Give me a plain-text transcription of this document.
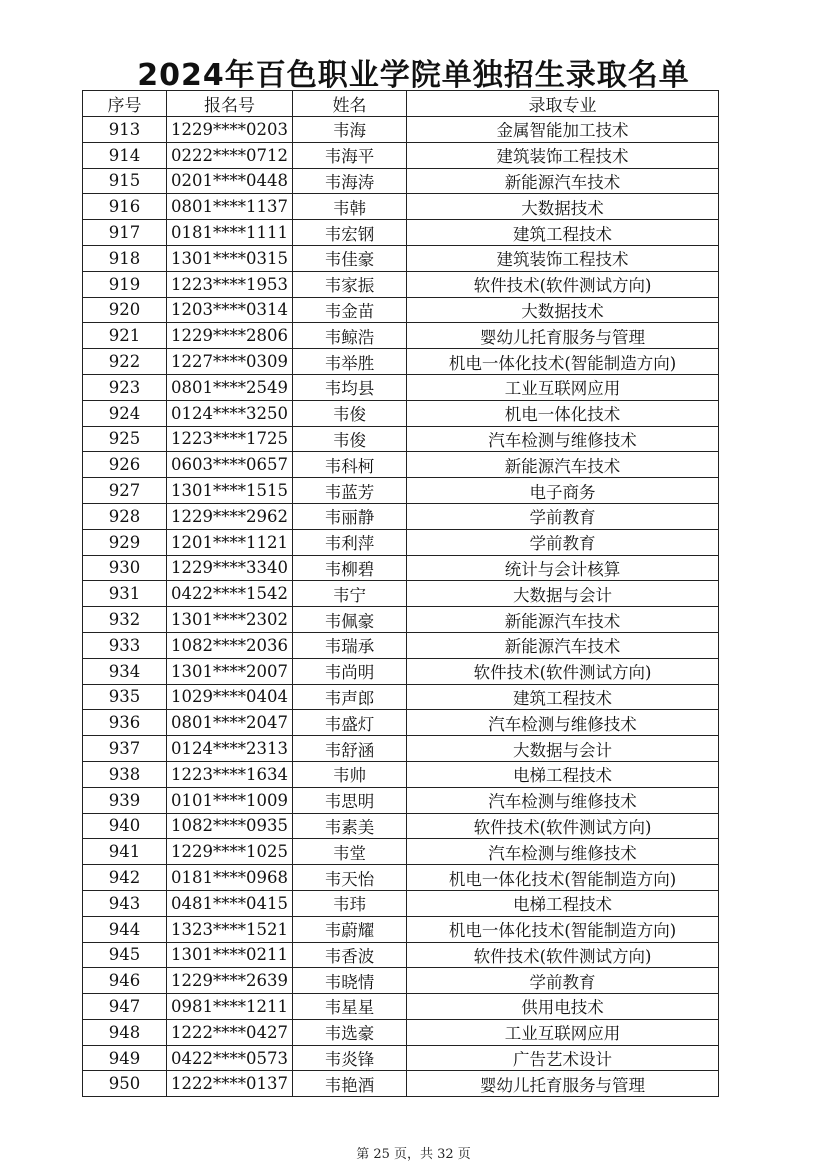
2024年百色职业学院单独招生录取名单
序号	报名号	姓名	录取专业
913	1229****0203	韦海	金属智能加工技术
914	0222****0712	韦海平	建筑装饰工程技术
915	0201****0448	韦海涛	新能源汽车技术
916	0801****1137	韦韩	大数据技术
917	0181****1111	韦宏钢	建筑工程技术
918	1301****0315	韦佳豪	建筑装饰工程技术
919	1223****1953	韦家振	软件技术(软件测试方向)
920	1203****0314	韦金苗	大数据技术
921	1229****2806	韦鲸浩	婴幼儿托育服务与管理
922	1227****0309	韦举胜	机电一体化技术(智能制造方向)
923	0801****2549	韦均县	工业互联网应用
924	0124****3250	韦俊	机电一体化技术
925	1223****1725	韦俊	汽车检测与维修技术
926	0603****0657	韦科柯	新能源汽车技术
927	1301****1515	韦蓝芳	电子商务
928	1229****2962	韦丽静	学前教育
929	1201****1121	韦利萍	学前教育
930	1229****3340	韦柳碧	统计与会计核算
931	0422****1542	韦宁	大数据与会计
932	1301****2302	韦佩豪	新能源汽车技术
933	1082****2036	韦瑞承	新能源汽车技术
934	1301****2007	韦尚明	软件技术(软件测试方向)
935	1029****0404	韦声郎	建筑工程技术
936	0801****2047	韦盛灯	汽车检测与维修技术
937	0124****2313	韦舒涵	大数据与会计
938	1223****1634	韦帅	电梯工程技术
939	0101****1009	韦思明	汽车检测与维修技术
940	1082****0935	韦素美	软件技术(软件测试方向)
941	1229****1025	韦堂	汽车检测与维修技术
942	0181****0968	韦天怡	机电一体化技术(智能制造方向)
943	0481****0415	韦玮	电梯工程技术
944	1323****1521	韦蔚耀	机电一体化技术(智能制造方向)
945	1301****0211	韦香波	软件技术(软件测试方向)
946	1229****2639	韦晓情	学前教育
947	0981****1211	韦星星	供用电技术
948	1222****0427	韦选豪	工业互联网应用
949	0422****0573	韦炎锋	广告艺术设计
950	1222****0137	韦艳酒	婴幼儿托育服务与管理
第 25 页，共 32 页
